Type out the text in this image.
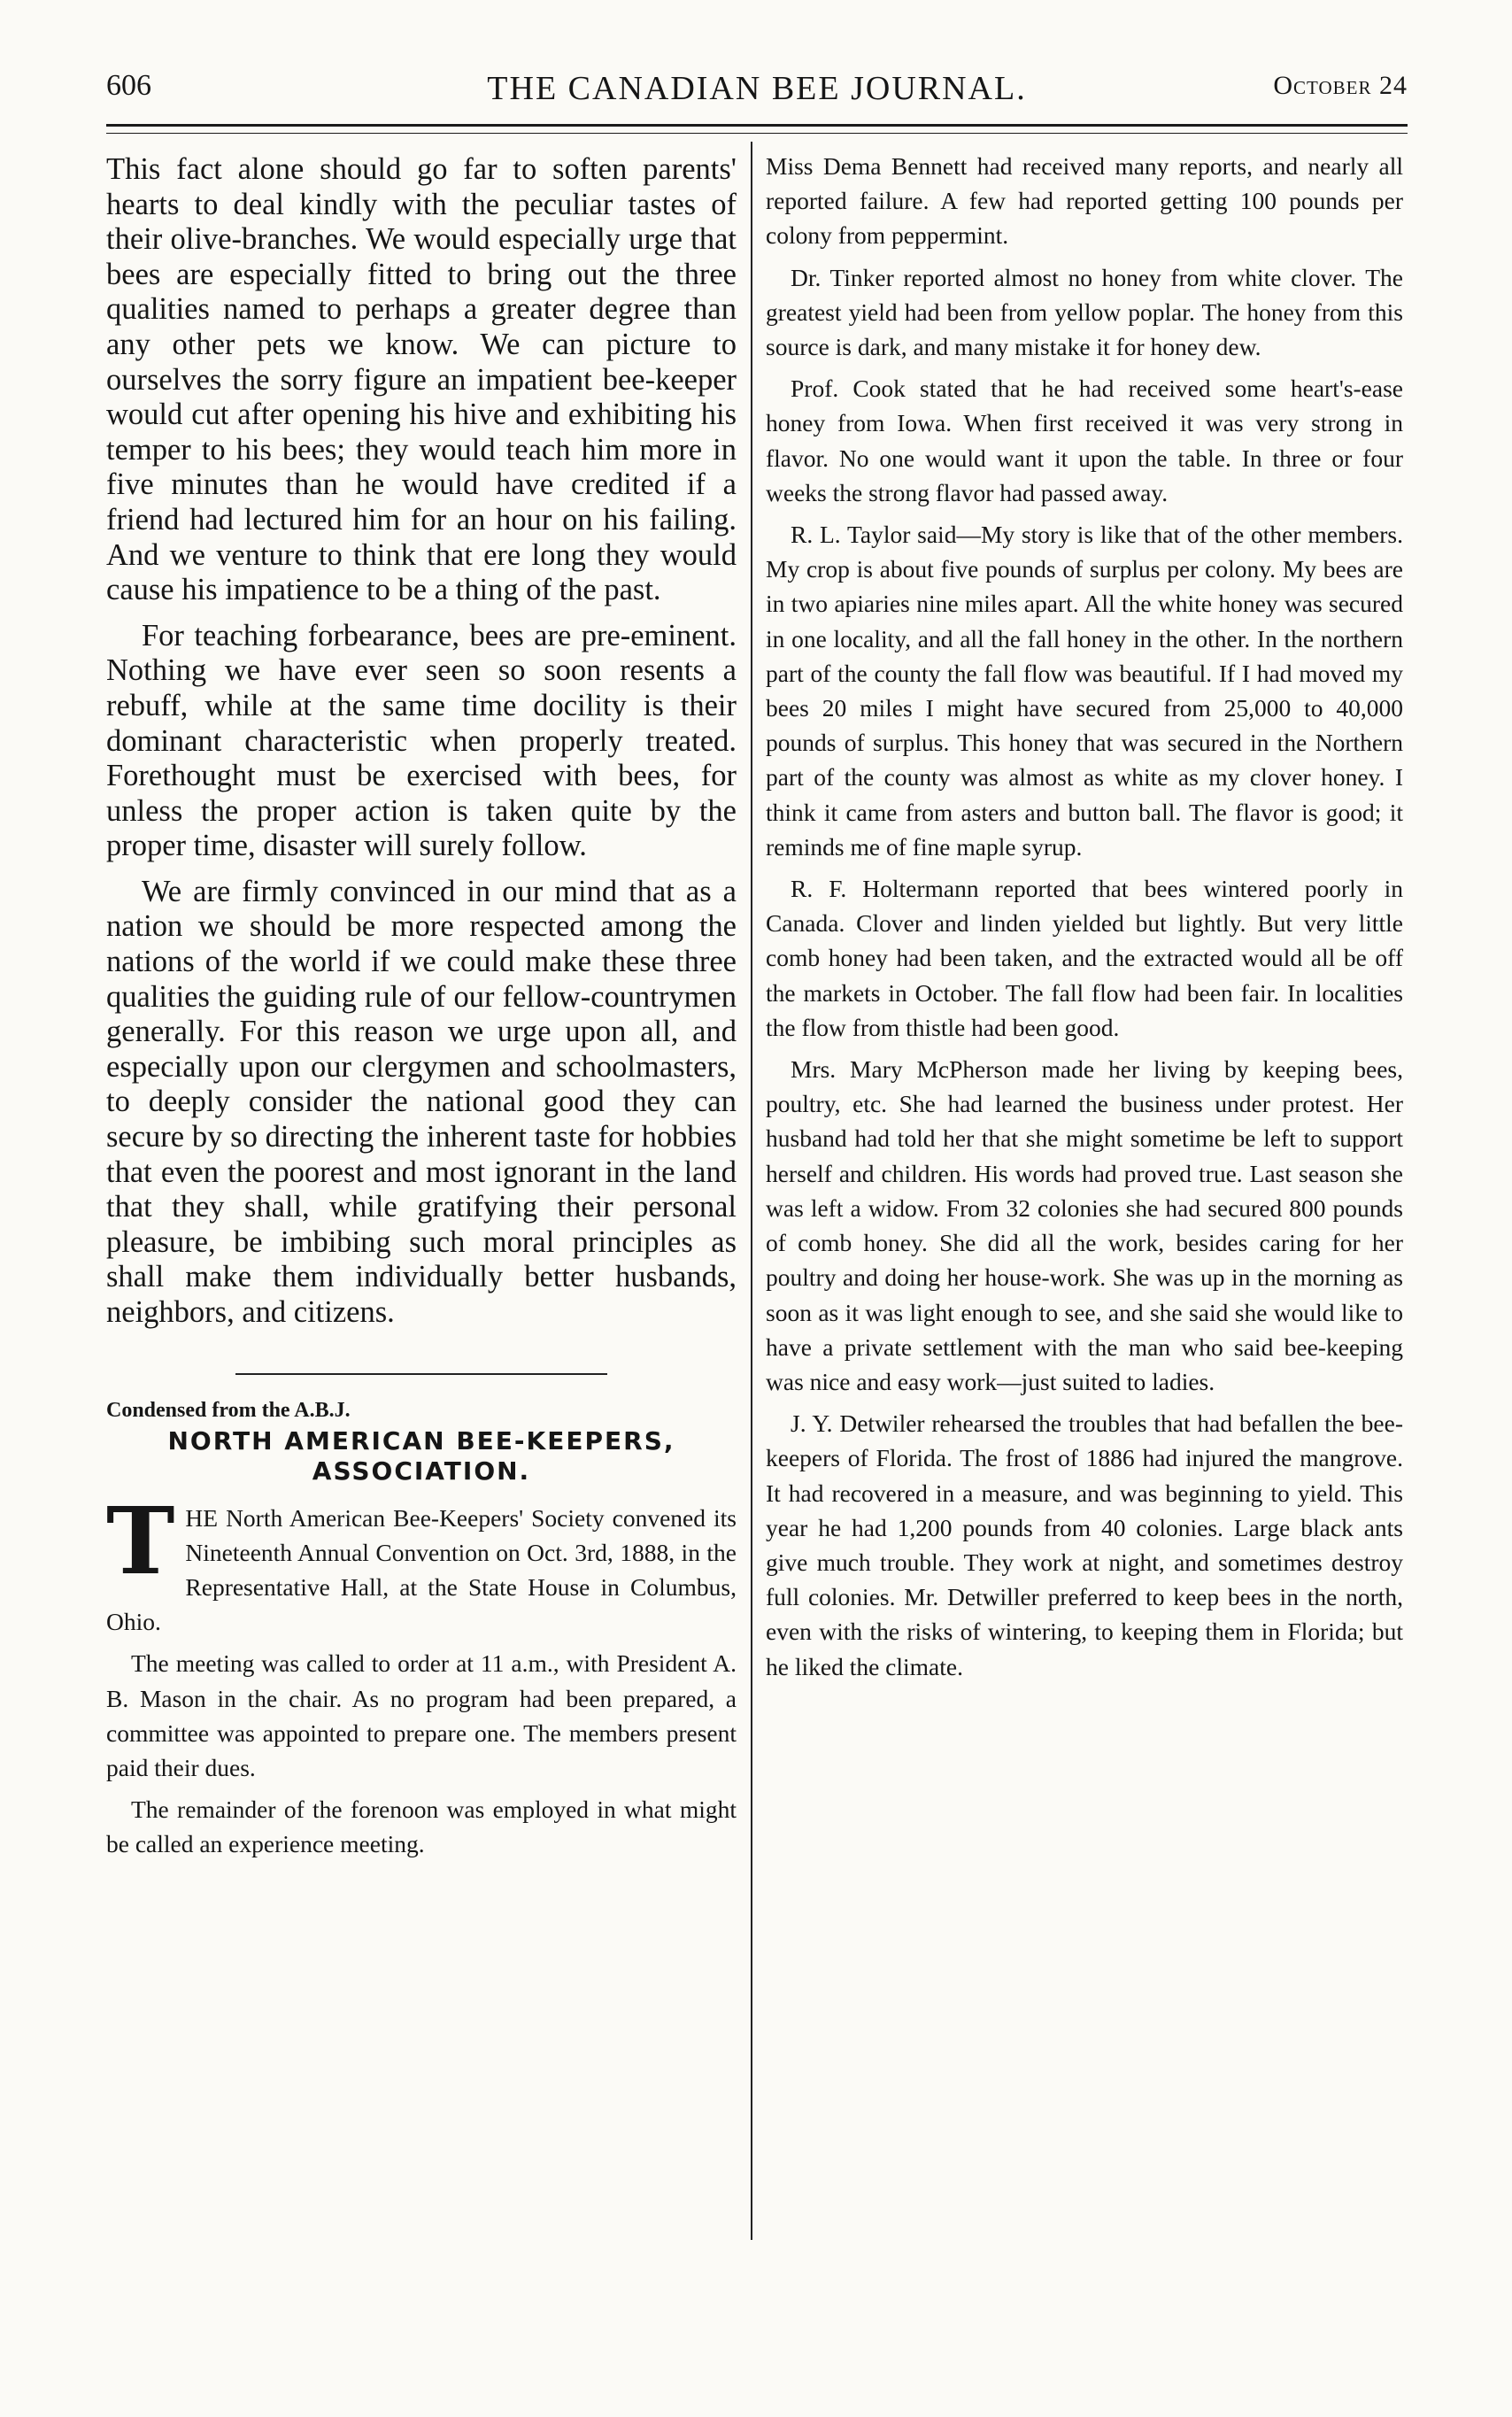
606	THE CANADIAN BEE JOURNAL.	October 24

This fact alone should go far to soften parents' hearts to deal kindly with the peculiar tastes of their olive-branches. We would especially urge that bees are especially fitted to bring out the three qualities named to perhaps a greater degree than any other pets we know. We can picture to ourselves the sorry figure an impatient bee-keeper would cut after opening his hive and exhibiting his temper to his bees; they would teach him more in five minutes than he would have credited if a friend had lectured him for an hour on his failing. And we venture to think that ere long they would cause his impatience to be a thing of the past.

For teaching forbearance, bees are pre-eminent. Nothing we have ever seen so soon resents a rebuff, while at the same time docility is their dominant characteristic when properly treated. Forethought must be exercised with bees, for unless the proper action is taken quite by the proper time, disaster will surely follow.

We are firmly convinced in our mind that as a nation we should be more respected among the nations of the world if we could make these three qualities the guiding rule of our fellow-countrymen generally. For this reason we urge upon all, and especially upon our clergymen and schoolmasters, to deeply consider the national good they can secure by so directing the inherent taste for hobbies that even the poorest and most ignorant in the land that they shall, while gratifying their personal pleasure, be imbibing such moral principles as shall make them individually better husbands, neighbors, and citizens.

Condensed from the A.B.J.
NORTH AMERICAN BEE-KEEPERS,
ASSOCIATION.

THE North American Bee-Keepers' Society convened its Nineteenth Annual Convention on Oct. 3rd, 1888, in the Representative Hall, at the State House in Columbus, Ohio.

The meeting was called to order at 11 a.m., with President A. B. Mason in the chair. As no program had been prepared, a committee was appointed to prepare one. The members present paid their dues.

The remainder of the forenoon was employed in what might be called an experience meeting.

Miss Dema Bennett had received many reports, and nearly all reported failure. A few had reported getting 100 pounds per colony from peppermint.

Dr. Tinker reported almost no honey from white clover. The greatest yield had been from yellow poplar. The honey from this source is dark, and many mistake it for honey dew.

Prof. Cook stated that he had received some heart's-ease honey from Iowa. When first received it was very strong in flavor. No one would want it upon the table. In three or four weeks the strong flavor had passed away.

R. L. Taylor said—My story is like that of the other members. My crop is about five pounds of surplus per colony. My bees are in two apiaries nine miles apart. All the white honey was secured in one locality, and all the fall honey in the other. In the northern part of the county the fall flow was beautiful. If I had moved my bees 20 miles I might have secured from 25,000 to 40,000 pounds of surplus. This honey that was secured in the Northern part of the county was almost as white as my clover honey. I think it came from asters and button ball. The flavor is good; it reminds me of fine maple syrup.

R. F. Holtermann reported that bees wintered poorly in Canada. Clover and linden yielded but lightly. But very little comb honey had been taken, and the extracted would all be off the markets in October. The fall flow had been fair. In localities the flow from thistle had been good.

Mrs. Mary McPherson made her living by keeping bees, poultry, etc. She had learned the business under protest. Her husband had told her that she might sometime be left to support herself and children. His words had proved true. Last season she was left a widow. From 32 colonies she had secured 800 pounds of comb honey. She did all the work, besides caring for her poultry and doing her house-work. She was up in the morning as soon as it was light enough to see, and she said she would like to have a private settlement with the man who said bee-keeping was nice and easy work—just suited to ladies.

J. Y. Detwiler rehearsed the troubles that had befallen the bee-keepers of Florida. The frost of 1886 had injured the mangrove. It had recovered in a measure, and was beginning to yield. This year he had 1,200 pounds from 40 colonies. Large black ants give much trouble. They work at night, and sometimes destroy full colonies. Mr. Detwiller preferred to keep bees in the north, even with the risks of wintering, to keeping them in Florida; but he liked the climate.
